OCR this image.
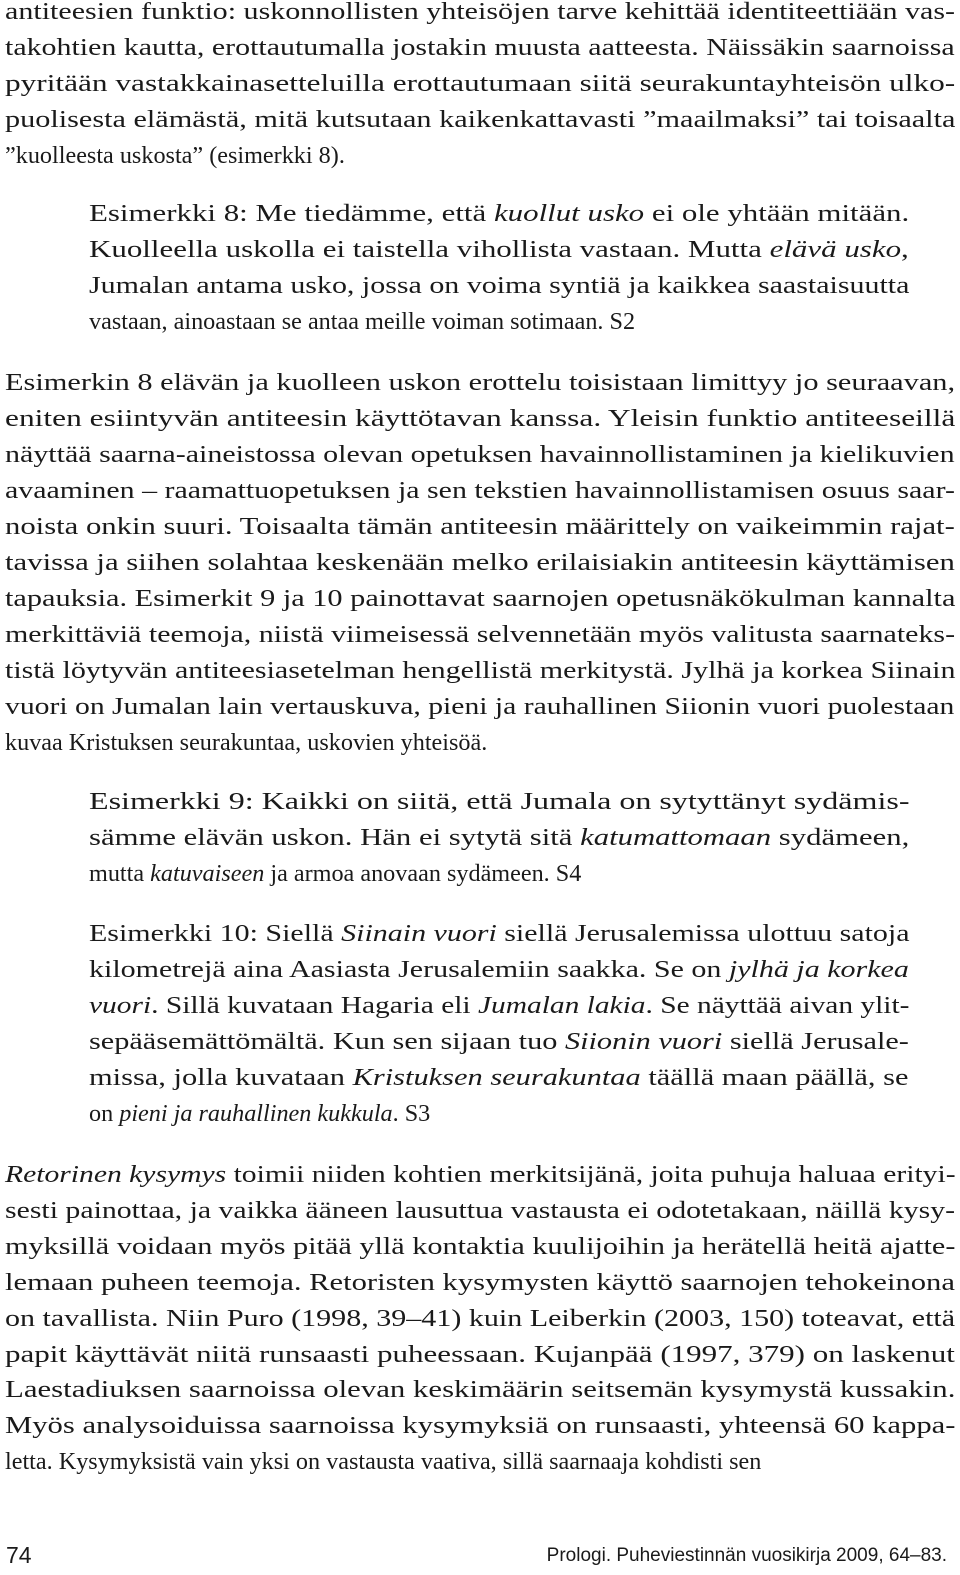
antiteesien funktio: uskonnollisten yhteisöjen tarve kehittää identiteettiään vas-
takohtien kautta, erottautumalla jostakin muusta aatteesta. Näissäkin saarnoissa
pyritään vastakkainasetteluilla erottautumaan siitä seurakuntayhteisön ulko-
puolisesta elämästä, mitä kutsutaan kaikenkattavasti ”maailmaksi” tai toisaalta
”kuolleesta uskosta” (esimerkki 8).
Esimerkki 8: Me tiedämme, että kuollut usko ei ole yhtään mitään.
Kuolleella uskolla ei taistella vihollista vastaan. Mutta elävä usko,
Jumalan antama usko, jossa on voima syntiä ja kaikkea saastaisuutta
vastaan, ainoastaan se antaa meille voiman sotimaan. S2
Esimerkin 8 elävän ja kuolleen uskon erottelu toisistaan limittyy jo seuraavan,
eniten esiintyvän antiteesin käyttötavan kanssa. Yleisin funktio antiteeseillä
näyttää saarna-aineistossa olevan opetuksen havainnollistaminen ja kielikuvien
avaaminen – raamattuopetuksen ja sen tekstien havainnollistamisen osuus saar-
noista onkin suuri. Toisaalta tämän antiteesin määrittely on vaikeimmin rajat-
tavissa ja siihen solahtaa keskenään melko erilaisiakin antiteesin käyttämisen
tapauksia. Esimerkit 9 ja 10 painottavat saarnojen opetusnäkökulman kannalta
merkittäviä teemoja, niistä viimeisessä selvennetään myös valitusta saarnateks-
tistä löytyvän antiteesiasetelman hengellistä merkitystä. Jylhä ja korkea Siinain
vuori on Jumalan lain vertauskuva, pieni ja rauhallinen Siionin vuori puolestaan
kuvaa Kristuksen seurakuntaa, uskovien yhteisöä.
Esimerkki 9: Kaikki on siitä, että Jumala on sytyttänyt sydämis-
sämme elävän uskon. Hän ei sytytä sitä katumattomaan sydämeen,
mutta katuvaiseen ja armoa anovaan sydämeen. S4
Esimerkki 10: Siellä Siinain vuori siellä Jerusalemissa ulottuu satoja
kilometrejä aina Aasiasta Jerusalemiin saakka. Se on jylhä ja korkea
vuori. Sillä kuvataan Hagaria eli Jumalan lakia. Se näyttää aivan ylit-
sepääsemättömältä. Kun sen sijaan tuo Siionin vuori siellä Jerusale-
missa, jolla kuvataan Kristuksen seurakuntaa täällä maan päällä, se
on pieni ja rauhallinen kukkula. S3
Retorinen kysymys toimii niiden kohtien merkitsijänä, joita puhuja haluaa erityi-
sesti painottaa, ja vaikka ääneen lausuttua vastausta ei odotetakaan, näillä kysy-
myksillä voidaan myös pitää yllä kontaktia kuulijoihin ja herätellä heitä ajatte-
lemaan puheen teemoja. Retoristen kysymysten käyttö saarnojen tehokeinona
on tavallista. Niin Puro (1998, 39–41) kuin Leiberkin (2003, 150) toteavat, että
papit käyttävät niitä runsaasti puheessaan. Kujanpää (1997, 379) on laskenut
Laestadiuksen saarnoissa olevan keskimäärin seitsemän kysymystä kussakin.
Myös analysoiduissa saarnoissa kysymyksiä on runsaasti, yhteensä 60 kappa-
letta. Kysymyksistä vain yksi on vastausta vaativa, sillä saarnaaja kohdisti sen
74	Prologi. Puheviestinnän vuosikirja 2009, 64–83.
